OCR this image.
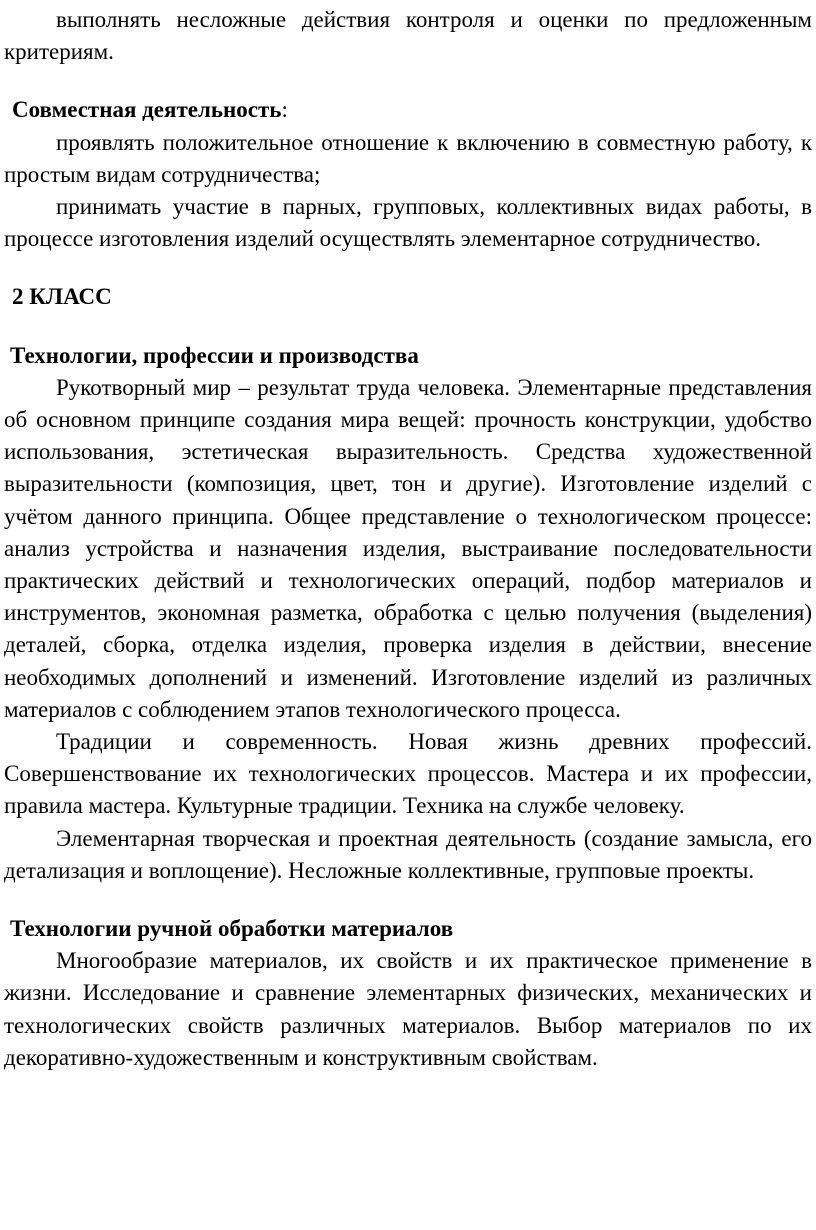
выполнять несложные действия контроля и оценки по предложенным критериям.

Совместная деятельность:

проявлять положительное отношение к включению в совместную работу, к простым видам сотрудничества;

принимать участие в парных, групповых, коллективных видах работы, в процессе изготовления изделий осуществлять элементарное сотрудничество.

2 КЛАСС

Технологии, профессии и производства

Рукотворный мир – результат труда человека. Элементарные представления об основном принципе создания мира вещей: прочность конструкции, удобство использования, эстетическая выразительность. Средства художественной выразительности (композиция, цвет, тон и другие). Изготовление изделий с учётом данного принципа. Общее представление о технологическом процессе: анализ устройства и назначения изделия, выстраивание последовательности практических действий и технологических операций, подбор материалов и инструментов, экономная разметка, обработка с целью получения (выделения) деталей, сборка, отделка изделия, проверка изделия в действии, внесение необходимых дополнений и изменений. Изготовление изделий из различных материалов с соблюдением этапов технологического процесса.

Традиции и современность. Новая жизнь древних профессий. Совершенствование их технологических процессов. Мастера и их профессии, правила мастера. Культурные традиции. Техника на службе человеку.

Элементарная творческая и проектная деятельность (создание замысла, его детализация и воплощение). Несложные коллективные, групповые проекты.

Технологии ручной обработки материалов

Многообразие материалов, их свойств и их практическое применение в жизни. Исследование и сравнение элементарных физических, механических и технологических свойств различных материалов. Выбор материалов по их декоративно-художественным и конструктивным свойствам.
